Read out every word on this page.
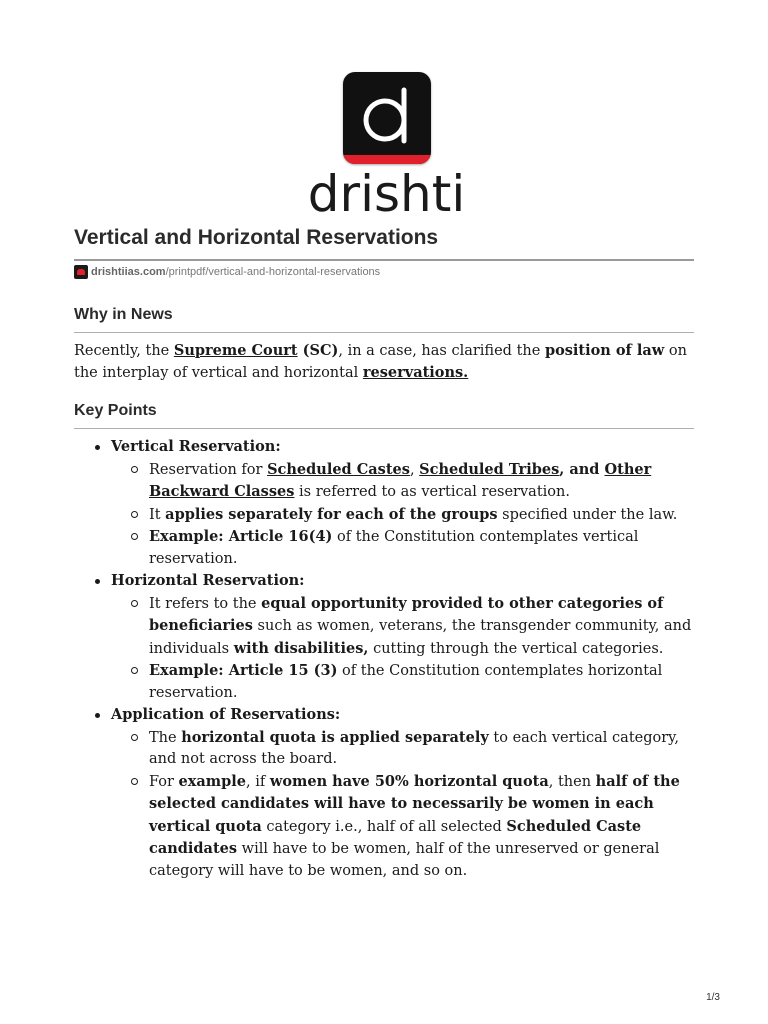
drishti
Vertical and Horizontal Reservations
drishtiias.com /printpdf/vertical-and-horizontal-reservations
Why in News

Recently, the Supreme Court (SC), in a case, has clarified the position of law on the interplay of vertical and horizontal reservations.

Key Points
Vertical Reservation:
Reservation for Scheduled Castes, Scheduled Tribes, and Other Backward Classes is referred to as vertical reservation.
It applies separately for each of the groups specified under the law.
Example: Article 16(4) of the Constitution contemplates vertical reservation.
Horizontal Reservation:
It refers to the equal opportunity provided to other categories of beneficiaries such as women, veterans, the transgender community, and individuals with disabilities, cutting through the vertical categories.
Example: Article 15 (3) of the Constitution contemplates horizontal reservation.
Application of Reservations:
The horizontal quota is applied separately to each vertical category, and not across the board.
For example, if women have 50% horizontal quota, then half of the selected candidates will have to necessarily be women in each vertical quota category i.e., half of all selected Scheduled Caste candidates will have to be women, half of the unreserved or general category will have to be women, and so on.
1/3
